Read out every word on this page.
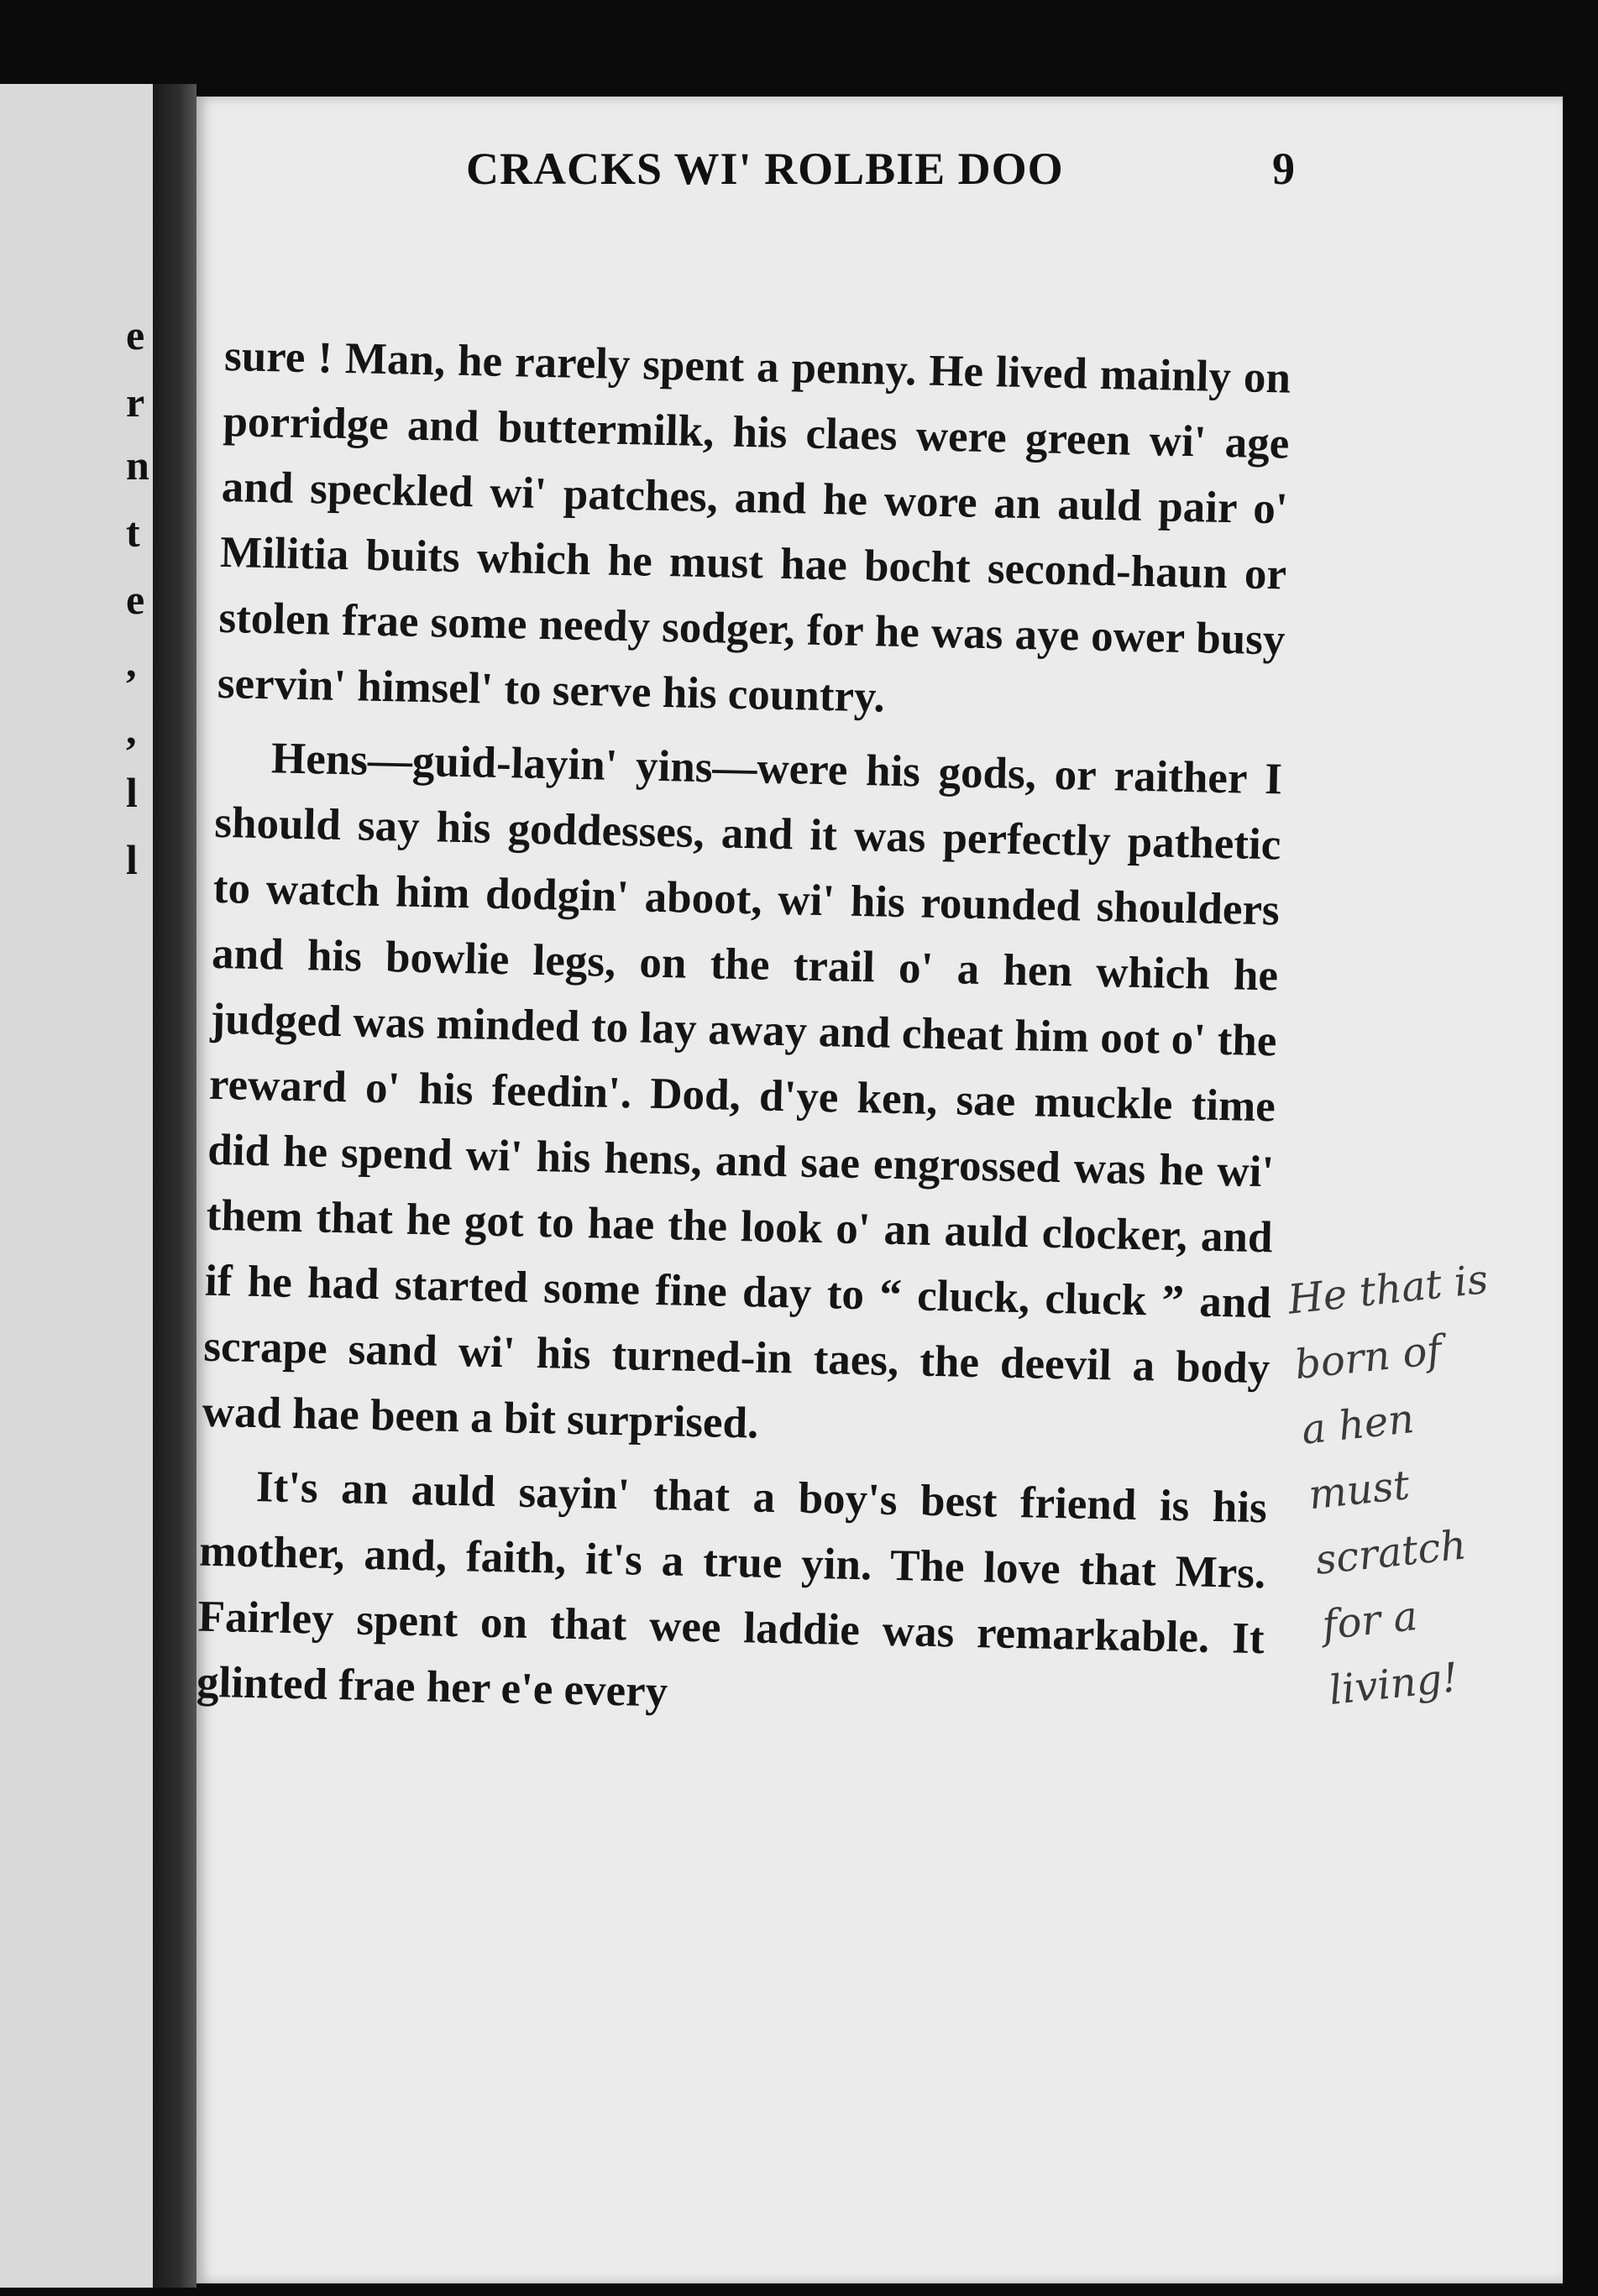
e
r
n
t
e
,
,
l
l
CRACKS WI' ROLBIE DOO	9

sure ! Man, he rarely spent a penny. He lived mainly on porridge and buttermilk, his claes were green wi' age and speckled wi' patches, and he wore an auld pair o' Militia buits which he must hae bocht second-haun or stolen frae some needy sodger, for he was aye ower busy servin' himsel' to serve his country.

Hens—guid-layin' yins—were his gods, or raither I should say his goddesses, and it was perfectly pathetic to watch him dodgin' aboot, wi' his rounded shoulders and his bowlie legs, on the trail o' a hen which he judged was minded to lay away and cheat him oot o' the reward o' his feedin'. Dod, d'ye ken, sae muckle time did he spend wi' his hens, and sae engrossed was he wi' them that he got to hae the look o' an auld clocker, and if he had started some fine day to “ cluck, cluck ” and scrape sand wi' his turned-in taes, the deevil a body wad hae been a bit surprised.

It's an auld sayin' that a boy's best friend is his mother, and, faith, it's a true yin. The love that Mrs. Fairley spent on that wee laddie was remarkable. It glinted frae her e'e every

He that is
born of
a hen
must
scratch
for a
living!
